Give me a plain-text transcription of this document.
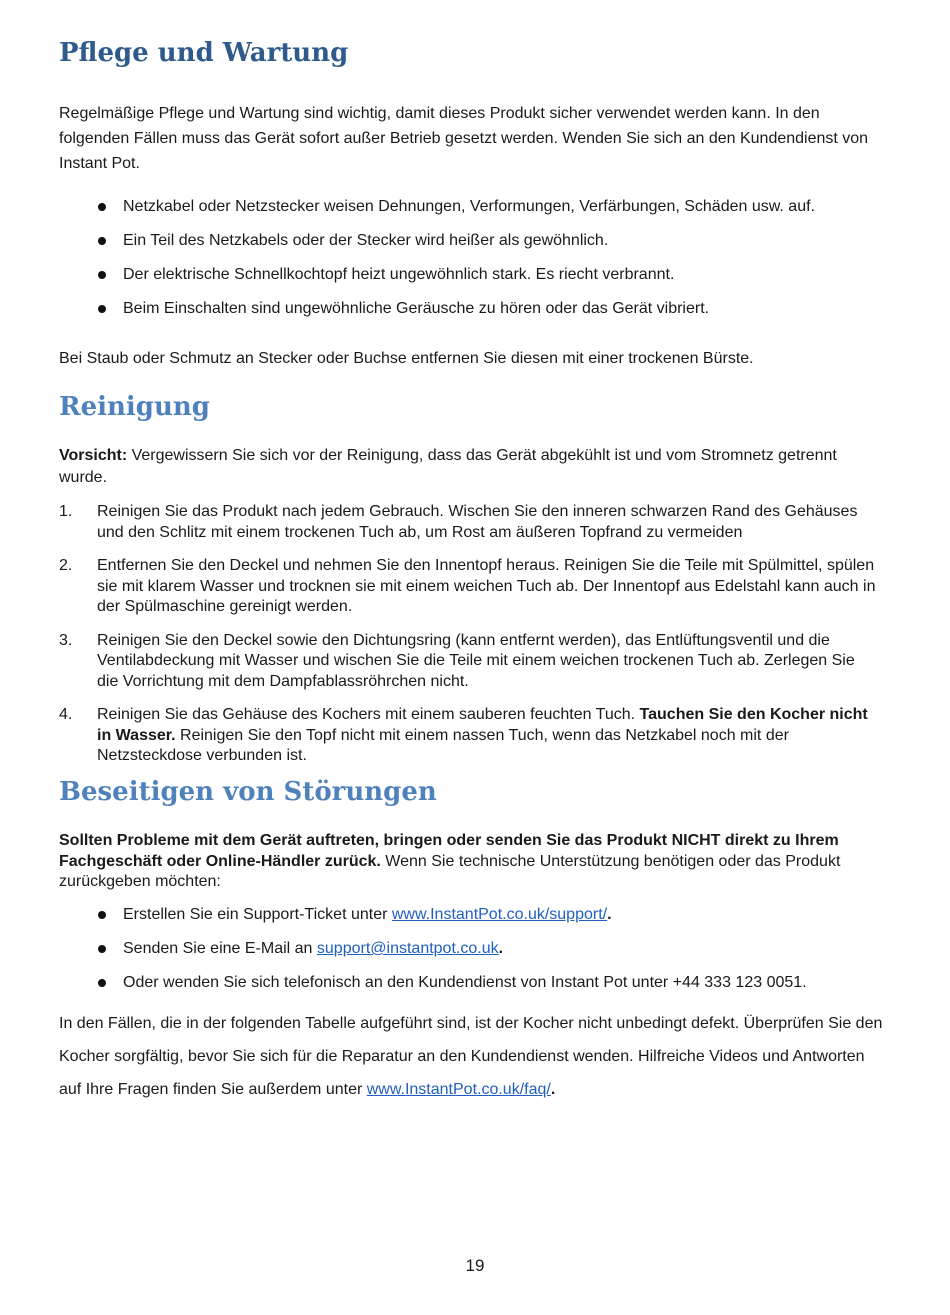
Pflege und Wartung

Regelmäßige Pflege und Wartung sind wichtig, damit dieses Produkt sicher verwendet werden kann. In den folgenden Fällen muss das Gerät sofort außer Betrieb gesetzt werden. Wenden Sie sich an den Kundendienst von Instant Pot.

Netzkabel oder Netzstecker weisen Dehnungen, Verformungen, Verfärbungen, Schäden usw. auf.
Ein Teil des Netzkabels oder der Stecker wird heißer als gewöhnlich.
Der elektrische Schnellkochtopf heizt ungewöhnlich stark. Es riecht verbrannt.
Beim Einschalten sind ungewöhnliche Geräusche zu hören oder das Gerät vibriert.

Bei Staub oder Schmutz an Stecker oder Buchse entfernen Sie diesen mit einer trockenen Bürste.

Reinigung

Vorsicht: Vergewissern Sie sich vor der Reinigung, dass das Gerät abgekühlt ist und vom Stromnetz getrennt wurde.

1. Reinigen Sie das Produkt nach jedem Gebrauch. Wischen Sie den inneren schwarzen Rand des Gehäuses und den Schlitz mit einem trockenen Tuch ab, um Rost am äußeren Topfrand zu vermeiden
2. Entfernen Sie den Deckel und nehmen Sie den Innentopf heraus. Reinigen Sie die Teile mit Spülmittel, spülen sie mit klarem Wasser und trocknen sie mit einem weichen Tuch ab. Der Innentopf aus Edelstahl kann auch in der Spülmaschine gereinigt werden.
3. Reinigen Sie den Deckel sowie den Dichtungsring (kann entfernt werden), das Entlüftungsventil und die Ventilabdeckung mit Wasser und wischen Sie die Teile mit einem weichen trockenen Tuch ab. Zerlegen Sie die Vorrichtung mit dem Dampfablassröhrchen nicht.
4. Reinigen Sie das Gehäuse des Kochers mit einem sauberen feuchten Tuch. Tauchen Sie den Kocher nicht in Wasser. Reinigen Sie den Topf nicht mit einem nassen Tuch, wenn das Netzkabel noch mit der Netzsteckdose verbunden ist.
Beseitigen von Störungen

Sollten Probleme mit dem Gerät auftreten, bringen oder senden Sie das Produkt NICHT direkt zu Ihrem Fachgeschäft oder Online-Händler zurück. Wenn Sie technische Unterstützung benötigen oder das Produkt zurückgeben möchten:

Erstellen Sie ein Support-Ticket unter www.InstantPot.co.uk/support/.
Senden Sie eine E-Mail an support@instantpot.co.uk.
Oder wenden Sie sich telefonisch an den Kundendienst von Instant Pot unter +44 333 123 0051.

In den Fällen, die in der folgenden Tabelle aufgeführt sind, ist der Kocher nicht unbedingt defekt. Überprüfen Sie den Kocher sorgfältig, bevor Sie sich für die Reparatur an den Kundendienst wenden. Hilfreiche Videos und Antworten auf Ihre Fragen finden Sie außerdem unter www.InstantPot.co.uk/faq/.

19
